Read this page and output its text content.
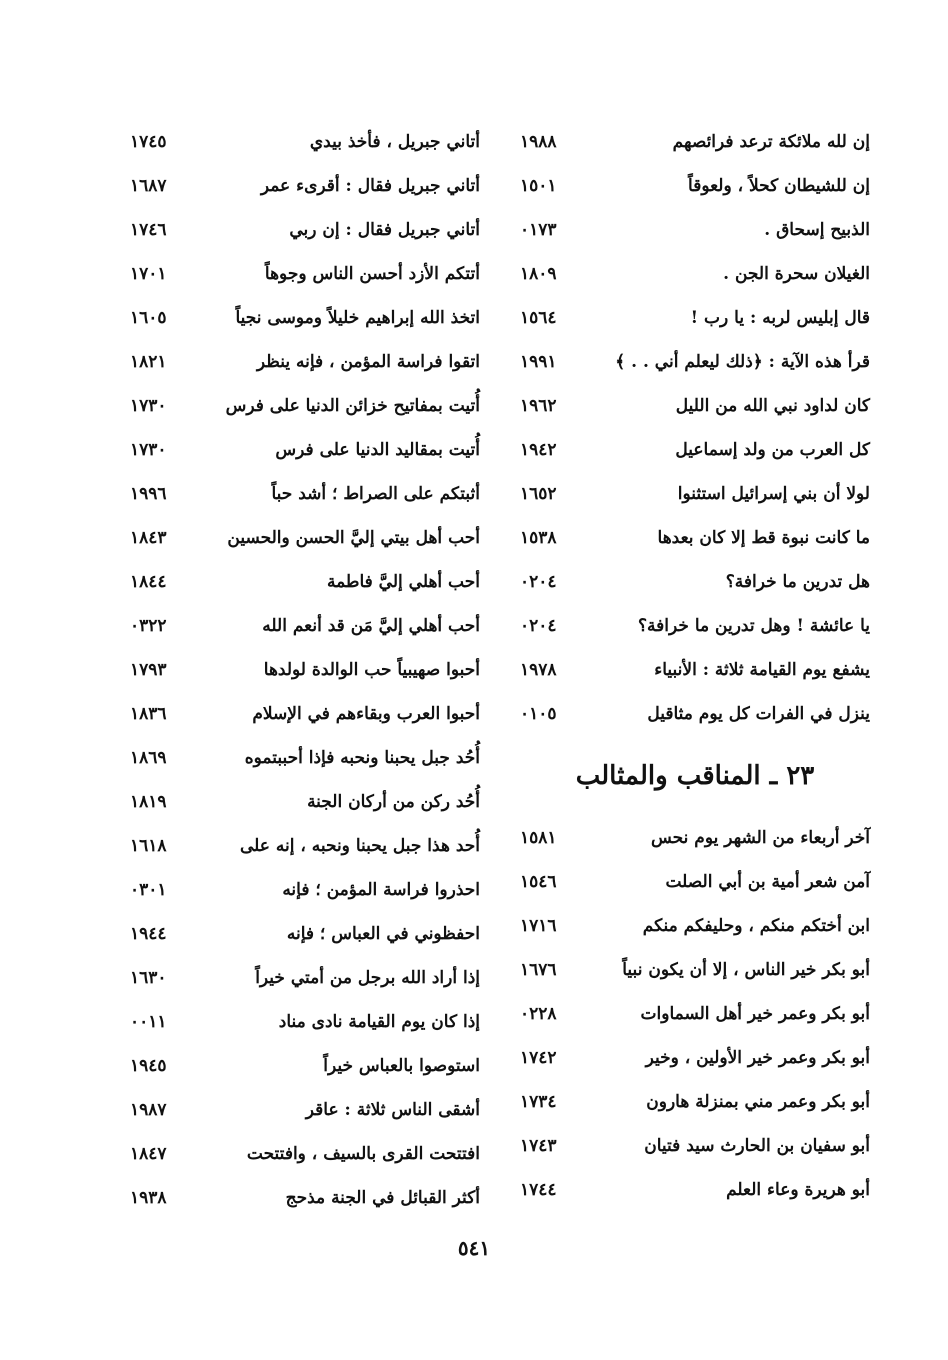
إن لله ملائكة ترعد فرائصهم
١٩٨٨
إن للشيطان كحلاً ، ولعوقاً
١٥٠١
الذبيح إسحاق .
٠١٧٣
الغيلان سحرة الجن .
١٨٠٩
قال إبليس لربه : يا رب !
١٥٦٤
قرأ هذه الآية : ﴿ذلك ليعلم أني . . ﴾
١٩٩١
كان لداود نبي الله من الليل
١٩٦٢
كل العرب من ولد إسماعيل
١٩٤٢
لولا أن بني إسرائيل استثنوا
١٦٥٢
ما كانت نبوة قط إلا كان بعدها
١٥٣٨
هل تدرين ما خرافة؟
٠٢٠٤
يا عائشة ! وهل تدرين ما خرافة؟
٠٢٠٤
يشفع يوم القيامة ثلاثة : الأنبياء
١٩٧٨
ينزل في الفرات كل يوم مثاقيل
٠١٠٥
٢٣ ـ المناقب والمثالب
آخر أربعاء من الشهر يوم نحس
١٥٨١
آمن شعر أمية بن أبي الصلت
١٥٤٦
ابن أختكم منكم ، وحليفكم منكم
١٧١٦
أبو بكر خير الناس ، إلا أن يكون نبياً
١٦٧٦
أبو بكر وعمر خير أهل السماوات
٠٢٢٨
أبو بكر وعمر خير الأولين ، وخير
١٧٤٢
أبو بكر وعمر مني بمنزلة هارون
١٧٣٤
أبو سفيان بن الحارث سيد فتيان
١٧٤٣
أبو هريرة وعاء العلم
١٧٤٤
أتاني جبريل ، فأخذ بيدي
١٧٤٥
أتاني جبريل فقال : أقرىء عمر
١٦٨٧
أتاني جبريل فقال : إن ربي
١٧٤٦
أتتكم الأزد أحسن الناس وجوهاً
١٧٠١
اتخذ الله إبراهيم خليلاً وموسى نجياً
١٦٠٥
اتقوا فراسة المؤمن ، فإنه ينظر
١٨٢١
أُتيت بمفاتيح خزائن الدنيا على فرس
١٧٣٠
أُتيت بمقاليد الدنيا على فرس
١٧٣٠
أثبتكم على الصراط ؛ أشد حباً
١٩٩٦
أحب أهل بيتي إليَّ الحسن والحسين
١٨٤٣
أحب أهلي إليَّ فاطمة
١٨٤٤
أحب أهلي إليَّ مَن قد أنعم الله
٠٣٢٢
أحبوا صهيبياً حب الوالدة لولدها
١٧٩٣
أحبوا العرب وبقاءهم في الإسلام
١٨٣٦
أُحُد جبل يحبنا ونحبه فإذا أحببتموه
١٨٦٩
أُحُد ركن من أركان الجنة
١٨١٩
أُحد هذا جبل يحبنا ونحبه ، إنه على
١٦١٨
احذروا فراسة المؤمن ؛ فإنه
٠٣٠١
احفظوني في العباس ؛ فإنه
١٩٤٤
إذا أراد الله برجل من أمتي خيراً
١٦٣٠
إذا كان يوم القيامة نادى مناد
٠٠١١
استوصوا بالعباس خيراً
١٩٤٥
أشقى الناس ثلاثة : عاقر
١٩٨٧
افتتحت القرى بالسيف ، وافتتحت
١٨٤٧
أكثر القبائل في الجنة مذحج
١٩٣٨
٥٤١
